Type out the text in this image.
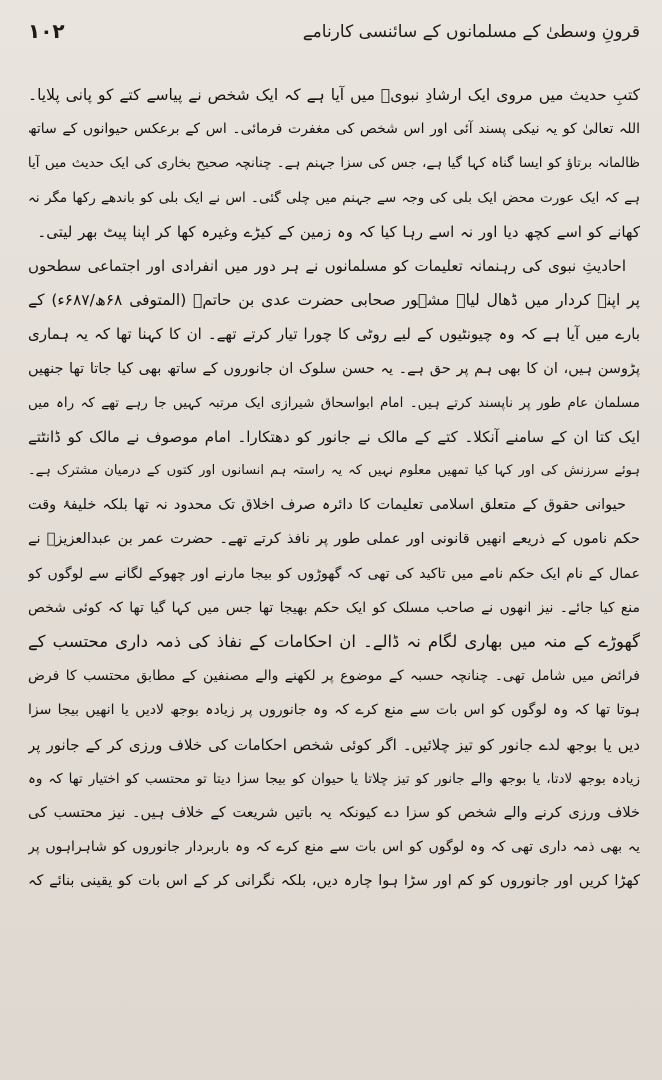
۱۰۲	قرونِ وسطیٰ کے مسلمانوں کے سائنسی کارنامے
کتبِ حدیث میں مروی ایک ارشادِ نبویؐ میں آیا ہے کہ ایک شخص نے پیاسے کتے کو پانی پلایا۔
اللہ تعالیٰ کو یہ نیکی پسند آئی اور اس شخص کی مغفرت فرمائی۔ اس کے برعکس حیوانوں کے ساتھ
ظالمانہ برتاؤ کو ایسا گناہ کہا گیا ہے، جس کی سزا جہنم ہے۔ چنانچہ صحیح بخاری کی ایک حدیث میں آیا
ہے کہ ایک عورت محض ایک بلی کی وجہ سے جہنم میں چلی گئی۔ اس نے ایک بلی کو باندھے رکھا مگر نہ
کھانے کو اسے کچھ دیا اور نہ اسے رہا کیا کہ وہ زمین کے کیڑے وغیرہ کھا کر اپنا پیٹ بھر لیتی۔
احادیثِ نبوی کی رہنمانہ تعلیمات کو مسلمانوں نے ہر دور میں انفرادی اور اجتماعی سطحوں
پر اپنے کردار میں ڈھال لیا۔ مشہور صحابی حضرت عدی بن حاتمؓ (المتوفی ۶۸ھ/۶۸۷ء) کے
بارے میں آیا ہے کہ وہ چیونٹیوں کے لیے روٹی کا چورا تیار کرتے تھے۔ ان کا کہنا تھا کہ یہ ہماری
پڑوسن ہیں، ان کا بھی ہم پر حق ہے۔ یہ حسن سلوک ان جانوروں کے ساتھ بھی کیا جاتا تھا جنھیں
مسلمان عام طور پر ناپسند کرتے ہیں۔ امام ابواسحاق شیرازی ایک مرتبہ کہیں جا رہے تھے کہ راہ میں
ایک کتا ان کے سامنے آنکلا۔ کتے کے مالک نے جانور کو دھتکارا۔ امام موصوف نے مالک کو ڈانٹتے
ہوئے سرزنش کی اور کہا کیا تمھیں معلوم نہیں کہ یہ راستہ ہم انسانوں اور کتوں کے درمیان مشترک ہے۔
حیوانی حقوق کے متعلق اسلامی تعلیمات کا دائرہ صرف اخلاق تک محدود نہ تھا بلکہ خلیفۂ وقت
حکم ناموں کے ذریعے انھیں قانونی اور عملی طور پر نافذ کرتے تھے۔ حضرت عمر بن عبدالعزیزؒ نے
عمال کے نام ایک حکم نامے میں تاکید کی تھی کہ گھوڑوں کو بیجا مارنے اور چھوکے لگانے سے لوگوں کو
منع کیا جائے۔ نیز انھوں نے صاحب مسلک کو ایک حکم بھیجا تھا جس میں کہا گیا تھا کہ کوئی شخص
گھوڑے کے منہ میں بھاری لگام نہ ڈالے۔ ان احکامات کے نفاذ کی ذمہ داری محتسب کے
فرائض میں شامل تھی۔ چنانچہ حسبہ کے موضوع پر لکھنے والے مصنفین کے مطابق محتسب کا فرض
ہوتا تھا کہ وہ لوگوں کو اس بات سے منع کرے کہ وہ جانوروں پر زیادہ بوجھ لادیں یا انھیں بیجا سزا
دیں یا بوجھ لدے جانور کو تیز چلائیں۔ اگر کوئی شخص احکامات کی خلاف ورزی کر کے جانور پر
زیادہ بوجھ لادتا، یا بوجھ والے جانور کو تیز چلاتا یا حیوان کو بیجا سزا دیتا تو محتسب کو اختیار تھا کہ وہ
خلاف ورزی کرنے والے شخص کو سزا دے کیونکہ یہ باتیں شریعت کے خلاف ہیں۔ نیز محتسب کی
یہ بھی ذمہ داری تھی کہ وہ لوگوں کو اس بات سے منع کرے کہ وہ باربردار جانوروں کو شاہراہوں پر
کھڑا کریں اور جانوروں کو کم اور سڑا ہوا چارہ دیں، بلکہ نگرانی کر کے اس بات کو یقینی بنائے کہ
